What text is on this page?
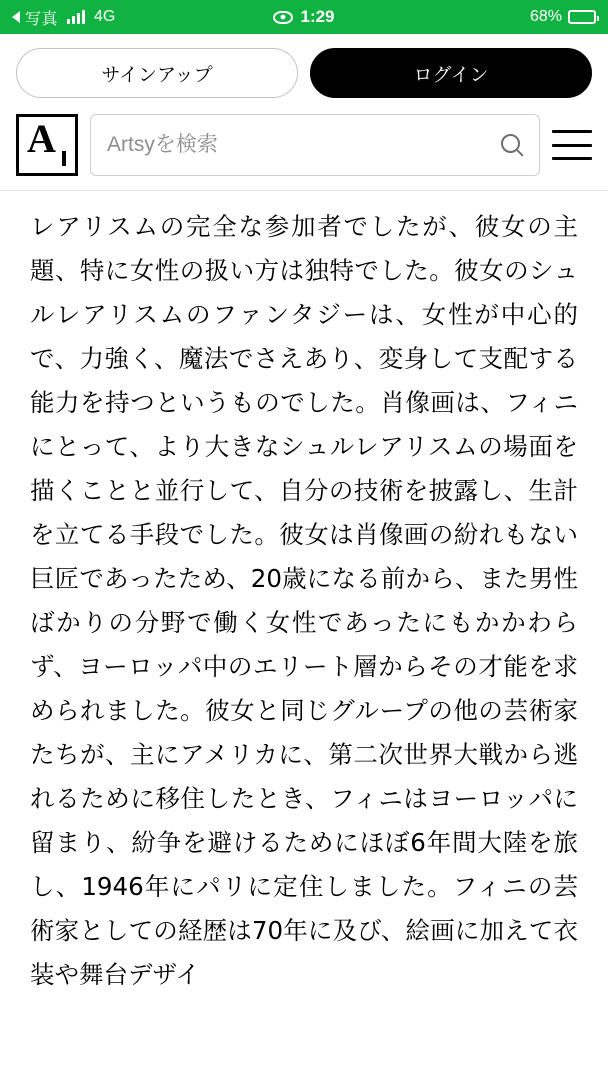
写真 4G	1:29	68%
サインアップ	ログイン
A
Artsyを検索

レアリスムの完全な参加者でしたが、彼女の主題、特に女性の扱い方は独特でした。彼女のシュルレアリスムのファンタジーは、女性が中心的で、力強く、魔法でさえあり、変身して支配する能力を持つというものでした。肖像画は、フィニにとって、より大きなシュルレアリスムの場面を描くことと並行して、自分の技術を披露し、生計を立てる手段でした。彼女は肖像画の紛れもない巨匠であったため、20歳になる前から、また男性ばかりの分野で働く女性であったにもかかわらず、ヨーロッパ中のエリート層からその才能を求められました。彼女と同じグループの他の芸術家たちが、主にアメリカに、第二次世界大戦から逃れるために移住したとき、フィニはヨーロッパに留まり、紛争を避けるためにほぼ6年間大陸を旅し、1946年にパリに定住しました。フィニの芸術家としての経歴は70年に及び、絵画に加えて衣装や舞台デザイ
